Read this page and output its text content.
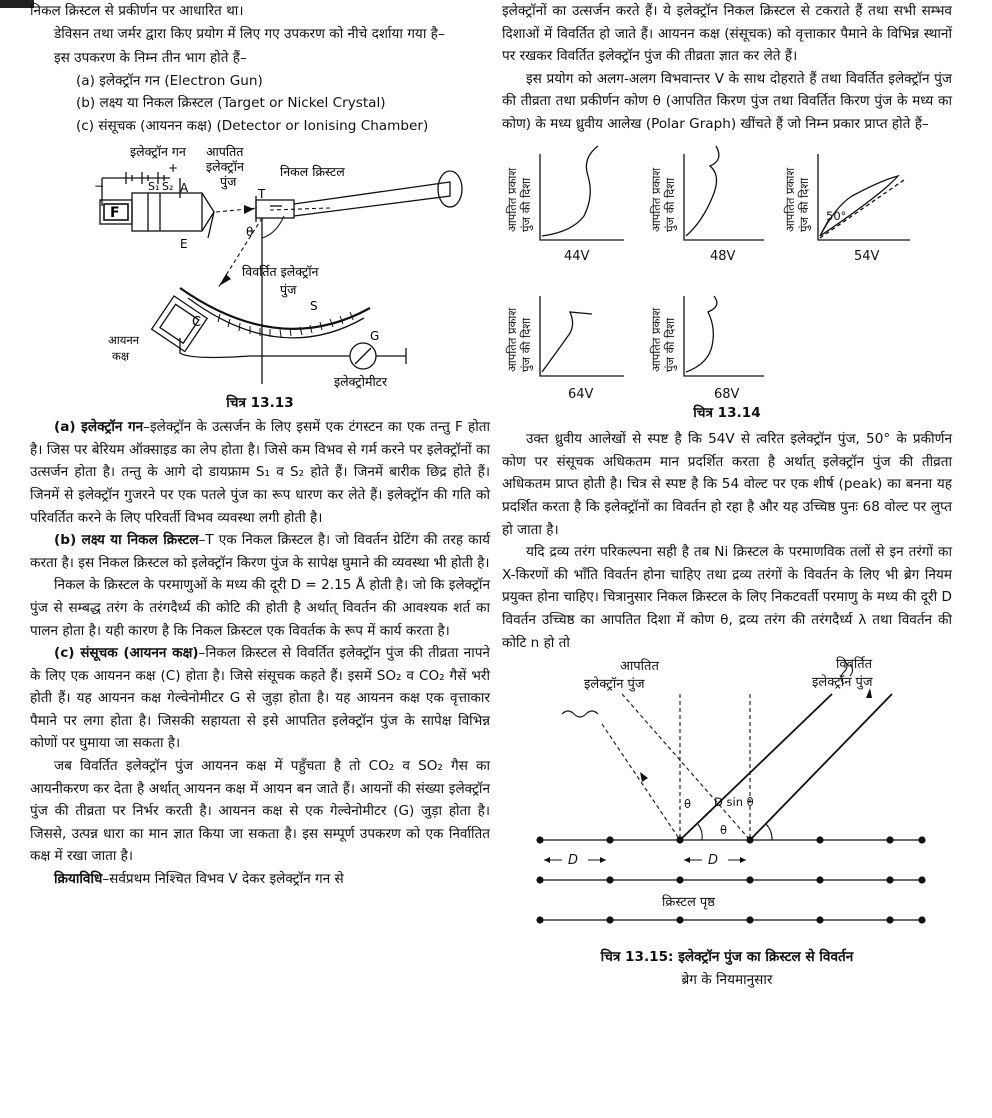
निकल क्रिस्टल से प्रकीर्णन पर आधारित था।

डेविसन तथा जर्मर द्वारा किए प्रयोग में लिए गए उपकरण को नीचे दर्शाया गया है–

इस उपकरण के निम्न तीन भाग होते हैं–

(a) इलेक्ट्रॉन गन (Electron Gun)

(b) लक्ष्य या निकल क्रिस्टल (Target or Nickel Crystal)

(c) संसूचक (आयनन कक्ष) (Detector or Ionising Chamber)

F
इलेक्ट्रॉन गन आपतित
इलेक्ट्रॉन
पुंज
निकल क्रिस्टल
S₁ S₂ A
E
+
−
T
θ
विवर्तित इलेक्ट्रॉन
पुंज
C
S
G
आयनन
कक्ष
इलेक्ट्रोमीटर

चित्र 13.13

(a) इलेक्ट्रॉन गन–इलेक्ट्रॉन के उत्सर्जन के लिए इसमें एक टंगस्टन का एक तन्तु F होता है। जिस पर बेरियम ऑक्साइड का लेप होता है। जिसे कम विभव से गर्म करने पर इलेक्ट्रॉनों का उत्सर्जन होता है। तन्तु के आगे दो डायफ्राम S₁ व S₂ होते हैं। जिनमें बारीक छिद्र होते हैं। जिनमें से इलेक्ट्रॉन गुजरने पर एक पतले पुंज का रूप धारण कर लेते हैं। इलेक्ट्रॉन की गति को परिवर्तित करने के लिए परिवर्ती विभव व्यवस्था लगी होती है।

(b) लक्ष्य या निकल क्रिस्टल–T एक निकल क्रिस्टल है। जो विवर्तन ग्रेटिंग की तरह कार्य करता है। इस निकल क्रिस्टल को इलेक्ट्रॉन किरण पुंज के सापेक्ष घुमाने की व्यवस्था भी होती है।

निकल के क्रिस्टल के परमाणुओं के मध्य की दूरी D = 2.15 Å होती है। जो कि इलेक्ट्रॉन पुंज से सम्बद्ध तरंग के तरंगदैर्ध्य की कोटि की होती है अर्थात् विवर्तन की आवश्यक शर्त का पालन होता है। यही कारण है कि निकल क्रिस्टल एक विवर्तक के रूप में कार्य करता है।

(c) संसूचक (आयनन कक्ष)–निकल क्रिस्टल से विवर्तित इलेक्ट्रॉन पुंज की तीव्रता नापने के लिए एक आयनन कक्ष (C) होता है। जिसे संसूचक कहते हैं। इसमें SO₂ व CO₂ गैसें भरी होती हैं। यह आयनन कक्ष गेल्वेनोमीटर G से जुड़ा होता है। यह आयनन कक्ष एक वृत्ताकार पैमाने पर लगा होता है। जिसकी सहायता से इसे आपतित इलेक्ट्रॉन पुंज के सापेक्ष विभिन्न कोणों पर घुमाया जा सकता है।

जब विवर्तित इलेक्ट्रॉन पुंज आयनन कक्ष में पहुँचता है तो CO₂ व SO₂ गैस का आयनीकरण कर देता है अर्थात् आयनन कक्ष में आयन बन जाते हैं। आयनों की संख्या इलेक्ट्रॉन पुंज की तीव्रता पर निर्भर करती है। आयनन कक्ष से एक गेल्वेनोमीटर (G) जुड़ा होता है। जिससे, उत्पन्न धारा का मान ज्ञात किया जा सकता है। इस सम्पूर्ण उपकरण को एक निर्वातित कक्ष में रखा जाता है।

क्रियाविधि–सर्वप्रथम निश्चित विभव V देकर इलेक्ट्रॉन गन से

इलेक्ट्रॉनों का उत्सर्जन करते हैं। ये इलेक्ट्रॉन निकल क्रिस्टल से टकराते हैं तथा सभी सम्भव दिशाओं में विवर्तित हो जाते हैं। आयनन कक्ष (संसूचक) को वृत्ताकार पैमाने के विभिन्न स्थानों पर रखकर विवर्तित इलेक्ट्रॉन पुंज की तीव्रता ज्ञात कर लेते हैं।

इस प्रयोग को अलग-अलग विभवान्तर V के साथ दोहराते हैं तथा विवर्तित इलेक्ट्रॉन पुंज की तीव्रता तथा प्रकीर्णन कोण θ (आपतित किरण पुंज तथा विवर्तित किरण पुंज के मध्य का कोण) के मध्य ध्रुवीय आलेख (Polar Graph) खींचते हैं जो निम्न प्रकार प्राप्त होते हैं–

आपतित प्रकाश पुंज की दिशा	आपतित प्रकाश पुंज की दिशा	आपतित प्रकाश पुंज की दिशा
आपतित प्रकाश पुंज की दिशा	आपतित प्रकाश पुंज की दिशा
44V	48V	54V
64V	68V
50°

चित्र 13.14

उक्त ध्रुवीय आलेखों से स्पष्ट है कि 54V से त्वरित इलेक्ट्रॉन पुंज, 50° के प्रकीर्णन कोण पर संसूचक अधिकतम मान प्रदर्शित करता है अर्थात् इलेक्ट्रॉन पुंज की तीव्रता अधिकतम प्राप्त होती है। चित्र से स्पष्ट है कि 54 वोल्ट पर एक शीर्ष (peak) का बनना यह प्रदर्शित करता है कि इलेक्ट्रॉनों का विवर्तन हो रहा है और यह उच्चिष्ठ पुनः 68 वोल्ट पर लुप्त हो जाता है।

यदि द्रव्य तरंग परिकल्पना सही है तब Ni क्रिस्टल के परमाणविक तलों से इन तरंगों का X-किरणों की भाँति विवर्तन होना चाहिए तथा द्रव्य तरंगों के विवर्तन के लिए भी ब्रेग नियम प्रयुक्त होना चाहिए। चित्रानुसार निकल क्रिस्टल के लिए निकटवर्ती परमाणु के मध्य की दूरी D विवर्तन उच्चिष्ठ का आपतित दिशा में कोण θ, द्रव्य तरंग की तरंगदैर्ध्य λ तथा विवर्तन की कोटि n हो तो

आपतित
इलेक्ट्रॉन पुंज
विवर्तित
इलेक्ट्रॉन पुंज
D	D
D sin θ
θ
θ
क्रिस्टल पृष्ठ

चित्र 13.15: इलेक्ट्रॉन पुंज का क्रिस्टल से विवर्तन

ब्रेग के नियमानुसार
